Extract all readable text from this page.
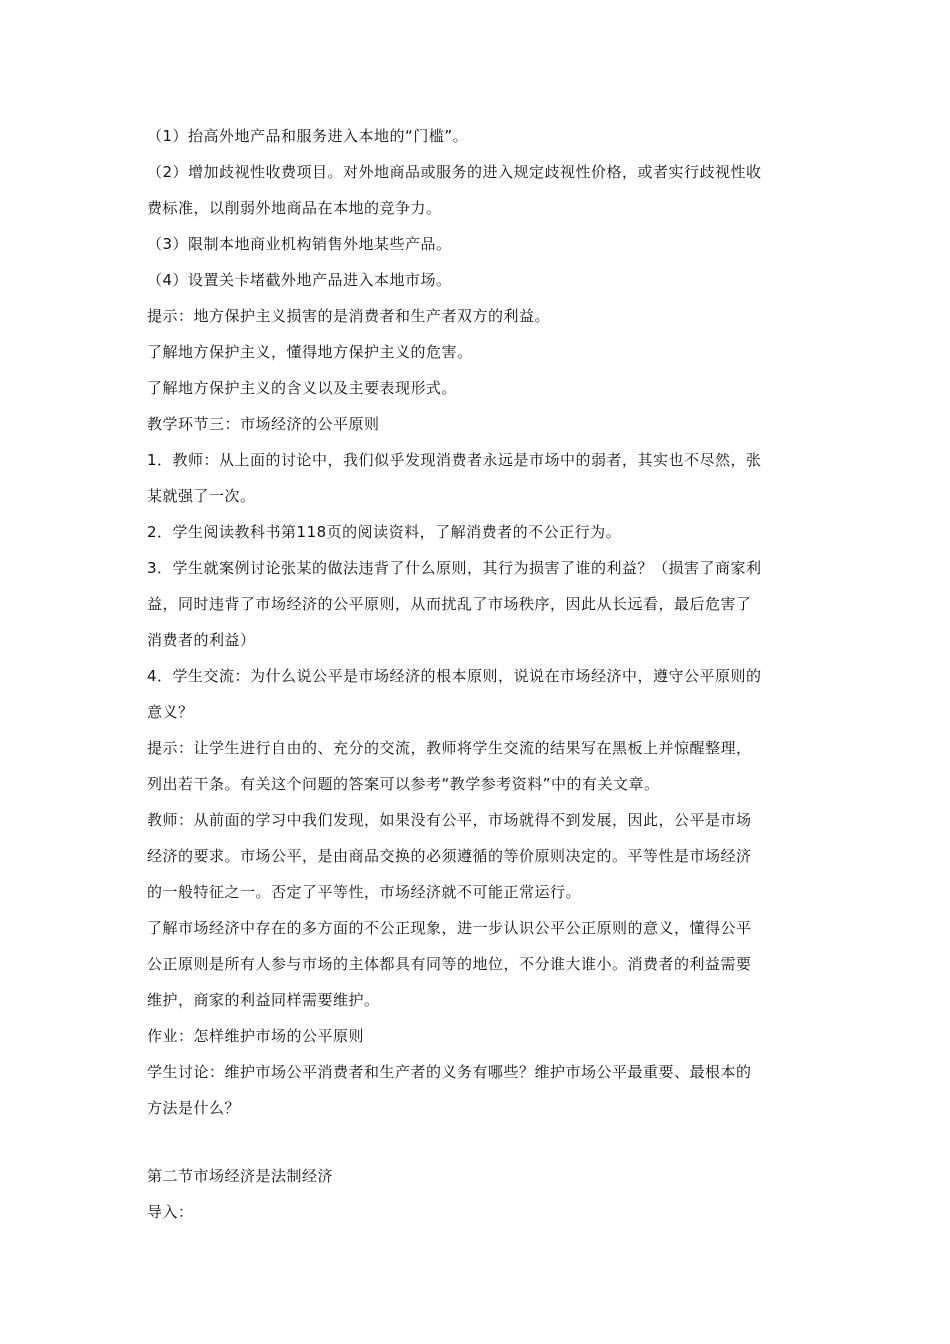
（1）抬高外地产品和服务进入本地的“门槛”。
（2）增加歧视性收费项目。对外地商品或服务的进入规定歧视性价格，或者实行歧视性收
费标准，以削弱外地商品在本地的竞争力。
（3）限制本地商业机构销售外地某些产品。
（4）设置关卡堵截外地产品进入本地市场。
提示：地方保护主义损害的是消费者和生产者双方的利益。
了解地方保护主义，懂得地方保护主义的危害。
了解地方保护主义的含义以及主要表现形式。
教学环节三：市场经济的公平原则
1．教师：从上面的讨论中，我们似乎发现消费者永远是市场中的弱者，其实也不尽然，张
某就强了一次。
2．学生阅读教科书第118页的阅读资料，了解消费者的不公正行为。
3．学生就案例讨论张某的做法违背了什么原则，其行为损害了谁的利益？（损害了商家利
益，同时违背了市场经济的公平原则，从而扰乱了市场秩序，因此从长远看，最后危害了
消费者的利益）
4．学生交流：为什么说公平是市场经济的根本原则，说说在市场经济中，遵守公平原则的
意义？
提示：让学生进行自由的、充分的交流，教师将学生交流的结果写在黑板上并惊醒整理，
列出若干条。有关这个问题的答案可以参考“教学参考资料”中的有关文章。
教师：从前面的学习中我们发现，如果没有公平，市场就得不到发展，因此，公平是市场
经济的要求。市场公平，是由商品交换的必须遵循的等价原则决定的。平等性是市场经济
的一般特征之一。否定了平等性，市场经济就不可能正常运行。
了解市场经济中存在的多方面的不公正现象，进一步认识公平公正原则的意义，懂得公平
公正原则是所有人参与市场的主体都具有同等的地位，不分谁大谁小。消费者的利益需要
维护，商家的利益同样需要维护。
作业：怎样维护市场的公平原则
学生讨论：维护市场公平消费者和生产者的义务有哪些？维护市场公平最重要、最根本的
方法是什么？
第二节市场经济是法制经济
导入：
